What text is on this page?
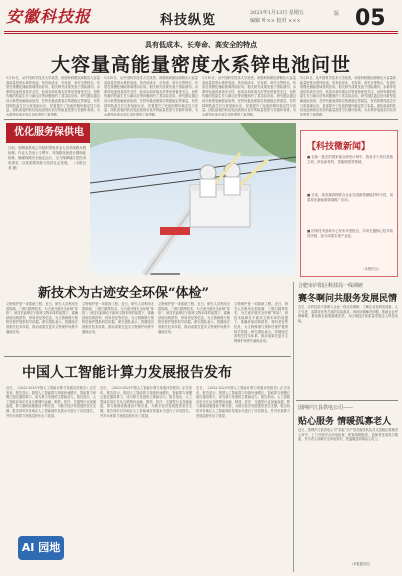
安徽科技报	科技纵览	2023年1月13日 星期五
编辑 叶×× 校对 ×××
版 05
具有低成本、长寿命、高安全的特点
大容量高能量密度水系锌电池问世
1月10日，从中国科学技术大学获悉，该校科研团队研制出大容量高能量密度水系锌电池，具有低成本、长寿命、高安全等特点，有望在规模化储能领域得到应用。相关研究成果发表于国际期刊。水系锌电池因其高安全性、低成本和环境友好等优势备受关注，但锌负极的枝晶生长与副反应等问题制约了其实际应用。研究团队通过设计新型电解液添加剂，在锌负极表面原位构建稳定界面层，有效抑制枝晶生长与析氢副反应，显著提升了电池的循环稳定性与容量。团队组装的软包电池表现出优异的能量密度与长循环寿命，为水系锌电池走向实用化提供了新思路。
1月10日，从中国科学技术大学获悉，该校科研团队研制出大容量高能量密度水系锌电池，具有低成本、长寿命、高安全等特点，有望在规模化储能领域得到应用。相关研究成果发表于国际期刊。水系锌电池因其高安全性、低成本和环境友好等优势备受关注，但锌负极的枝晶生长与副反应等问题制约了其实际应用。研究团队通过设计新型电解液添加剂，在锌负极表面原位构建稳定界面层，有效抑制枝晶生长与析氢副反应，显著提升了电池的循环稳定性与容量。团队组装的软包电池表现出优异的能量密度与长循环寿命，为水系锌电池走向实用化提供了新思路。
1月10日，从中国科学技术大学获悉，该校科研团队研制出大容量高能量密度水系锌电池，具有低成本、长寿命、高安全等特点，有望在规模化储能领域得到应用。相关研究成果发表于国际期刊。水系锌电池因其高安全性、低成本和环境友好等优势备受关注，但锌负极的枝晶生长与副反应等问题制约了其实际应用。研究团队通过设计新型电解液添加剂，在锌负极表面原位构建稳定界面层，有效抑制枝晶生长与析氢副反应，显著提升了电池的循环稳定性与容量。团队组装的软包电池表现出优异的能量密度与长循环寿命，为水系锌电池走向实用化提供了新思路。
1月10日，从中国科学技术大学获悉，该校科研团队研制出大容量高能量密度水系锌电池，具有低成本、长寿命、高安全等特点，有望在规模化储能领域得到应用。相关研究成果发表于国际期刊。水系锌电池因其高安全性、低成本和环境友好等优势备受关注，但锌负极的枝晶生长与副反应等问题制约了其实际应用。研究团队通过设计新型电解液添加剂，在锌负极表面原位构建稳定界面层，有效抑制枝晶生长与析氢副反应，显著提升了电池的循环稳定性与容量。团队组装的软包电池表现出优异的能量密度与长循环寿命，为水系锌电池走向实用化提供了新思路。
优化服务保供电
日前，国网某供电公司组织带电作业人员对线路开展检修。作业人员登上斗臂车，对线路设备进行精细化检修，确保线路安全稳定运行，全力保障辖区居民用电需求，以优质服务助力经济社会发展。 （本报记者 摄）
【科技微新闻】
■ 在新一批次的国家重点研发计划中，我省多个项目获批立项，涉及新材料、智能制造等领域。
■ 日前，某省属高校联合企业完成新型储能材料中试，成果将在新能源领域推广应用。
■ 国家技术创新中心发布年度报告，多项关键核心技术取得突破，部分成果实现产业化。
（本报综合）
新技术为古迹安全环保“体检”
文物保护是一项系统工程。近日，研究人员利用无损检测、三维扫描等技术，为古迹开展安全环保“体检”。该技术能够在不破坏文物本体的前提下，准确获取结构损伤、材料老化等信息，为文物修缮与预防性保护提供科学依据。研究团队表示，将继续完善相关技术体系，推动成果在更多文物保护场景中落地应用。
文物保护是一项系统工程。近日，研究人员利用无损检测、三维扫描等技术，为古迹开展安全环保“体检”。该技术能够在不破坏文物本体的前提下，准确获取结构损伤、材料老化等信息，为文物修缮与预防性保护提供科学依据。研究团队表示，将继续完善相关技术体系，推动成果在更多文物保护场景中落地应用。
文物保护是一项系统工程。近日，研究人员利用无损检测、三维扫描等技术，为古迹开展安全环保“体检”。该技术能够在不破坏文物本体的前提下，准确获取结构损伤、材料老化等信息，为文物修缮与预防性保护提供科学依据。研究团队表示，将继续完善相关技术体系，推动成果在更多文物保护场景中落地应用。
文物保护是一项系统工程。近日，研究人员利用无损检测、三维扫描等技术，为古迹开展安全环保“体检”。该技术能够在不破坏文物本体的前提下，准确获取结构损伤、材料老化等信息，为文物修缮与预防性保护提供科学依据。研究团队表示，将继续完善相关技术体系，推动成果在更多文物保护场景中落地应用。
合肥市庐阳区科技局一线调研
赛冬啊问共服务发展民情
近日，区科技局干部深入企业一线走访调研，了解企业在研发创新、人才引进、成果转化等方面的实际需求，现场协调解决问题，帮助企业纾困解难，推动惠企政策落地见效，为区域经济高质量发展注入科技动能。
中国人工智能计算力发展报告发布
近日，《2022-2023中国人工智能计算力发展评估报告》正式发布。报告显示，我国人工智能算力持续快速增长，智能算力规模已超过通用算力，成为算力发展的主要驱动力。报告指出，人工智能应用正在从互联网向金融、制造、医疗、交通等行业加速渗透，算力基础设施建设不断完善，为数字经济发展提供坚实支撑。报告同时对各地区人工智能城市发展水平进行了评估排名，并对未来算力发展趋势作出了展望。
近日，《2022-2023中国人工智能计算力发展评估报告》正式发布。报告显示，我国人工智能算力持续快速增长，智能算力规模已超过通用算力，成为算力发展的主要驱动力。报告指出，人工智能应用正在从互联网向金融、制造、医疗、交通等行业加速渗透，算力基础设施建设不断完善，为数字经济发展提供坚实支撑。报告同时对各地区人工智能城市发展水平进行了评估排名，并对未来算力发展趋势作出了展望。
近日，《2022-2023中国人工智能计算力发展评估报告》正式发布。报告显示，我国人工智能算力持续快速增长，智能算力规模已超过通用算力，成为算力发展的主要驱动力。报告指出，人工智能应用正在从互联网向金融、制造、医疗、交通等行业加速渗透，算力基础设施建设不断完善，为数字经济发展提供坚实支撑。报告同时对各地区人工智能城市发展水平进行了评估排名，并对未来算力发展趋势作出了展望。
AI 园地
国网庐江县供电公司——
贴心服务 情暖孤寡老人
近日，国网庐江县供电公司“彩虹”共产党员服务队队员走进辖区孤寡老人家中，上门开展安全用电检查，排查线路隐患，更换老化电线与插座，并为老人讲解安全用电常识，把温暖送到群众心坎上。
（本报通讯员）
